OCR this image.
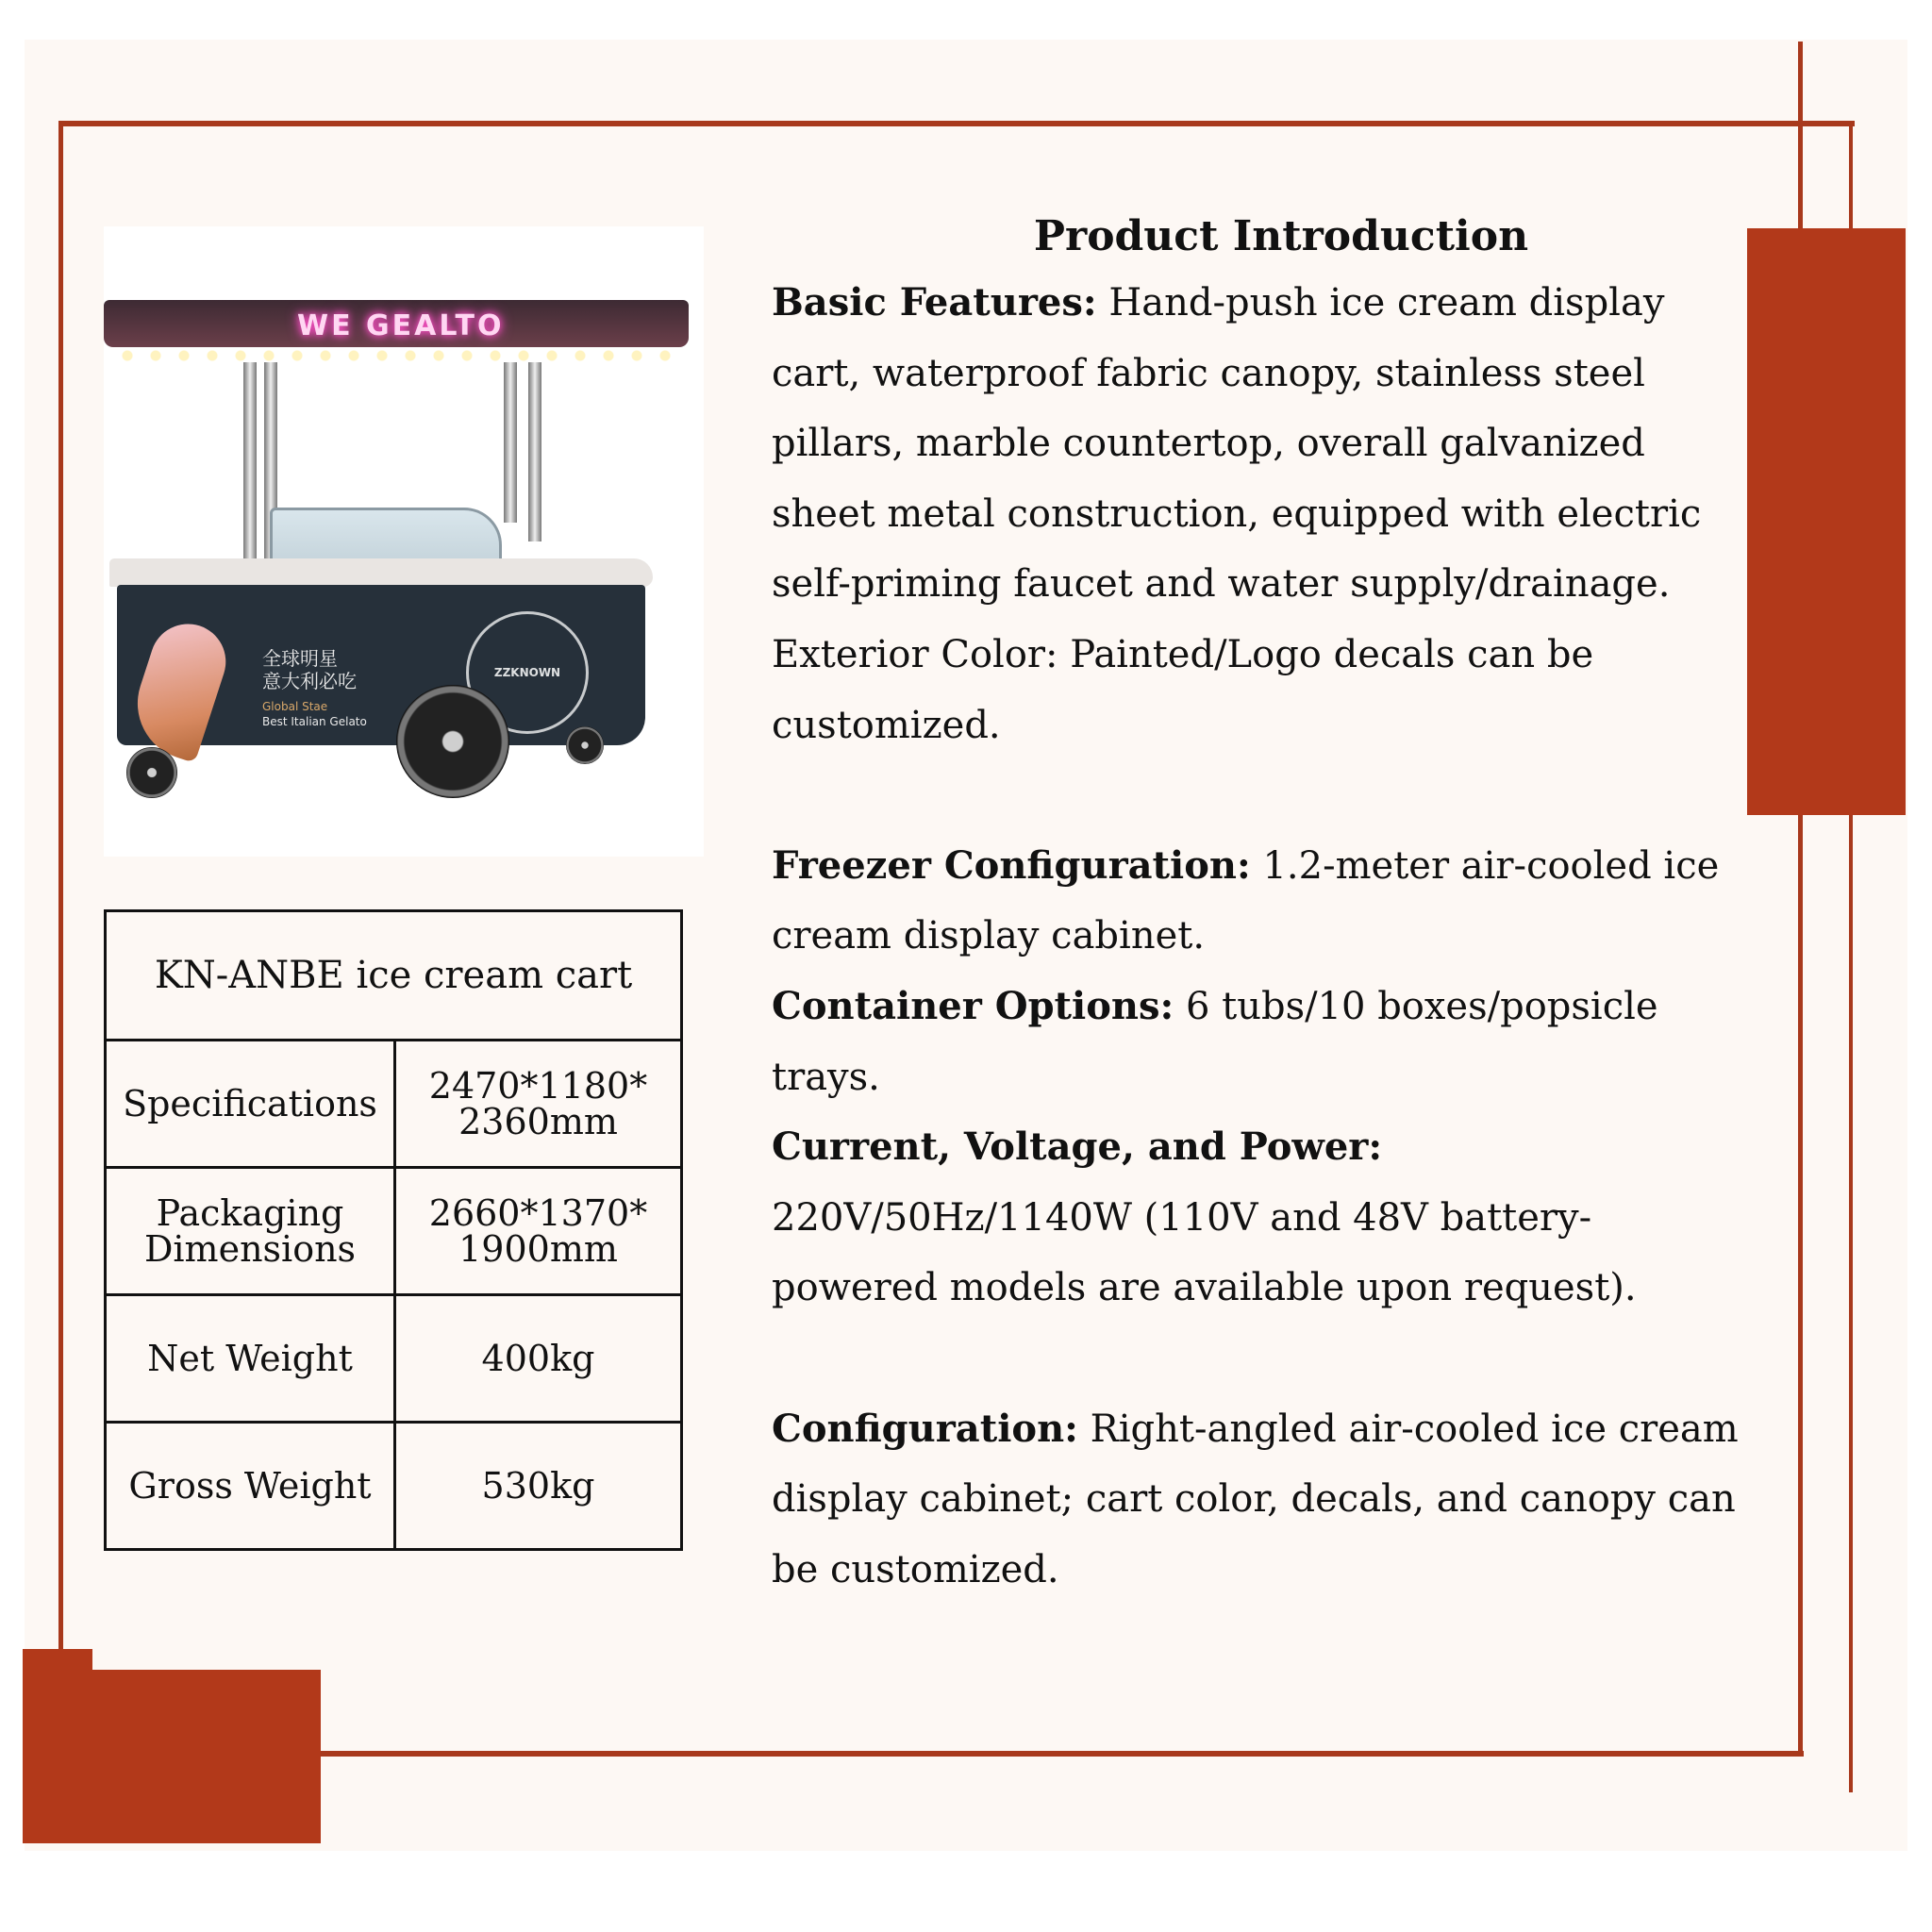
WE GEALTO
全球明星
意大利必吃
Global Stae
Best Italian Gelato
ZZKNOWN
KN-ANBE ice cream cart	
Specifications	2470*1180*
2360mm
Packaging
Dimensions	2660*1370*
1900mm
Net Weight	400kg
Gross Weight	530kg
Product Introduction

Basic Features: Hand-push ice cream display cart, waterproof fabric canopy, stainless steel pillars, marble countertop, overall galvanized sheet metal construction, equipped with electric self-priming faucet and water supply/drainage.

Exterior Color: Painted/Logo decals can be customized.

Freezer Configuration: 1.2-meter air-cooled ice cream display cabinet.

Container Options: 6 tubs/10 boxes/popsicle trays.

Current, Voltage, and Power: 220V/50Hz/1140W (110V and 48V battery-powered models are available upon request).

Configuration: Right-angled air-cooled ice cream display cabinet; cart color, decals, and canopy can be customized.
